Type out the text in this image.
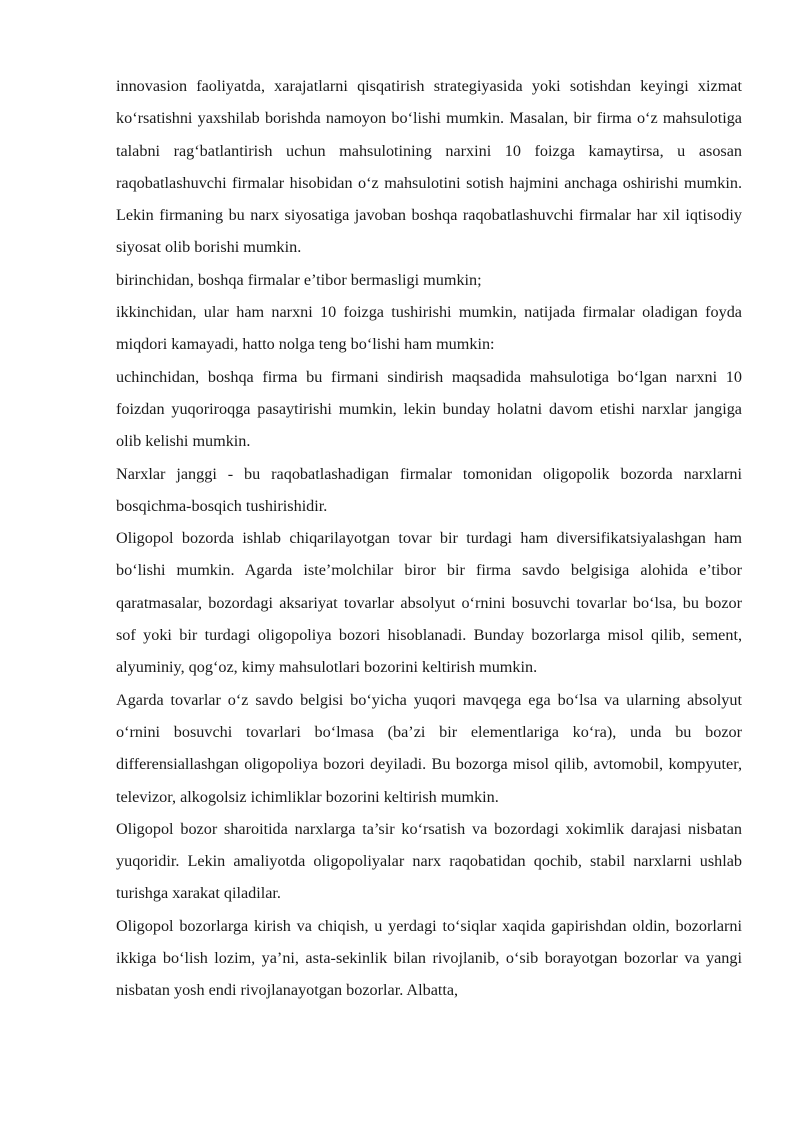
innovasion faoliyatda, xarajatlarni qisqatirish strategiyasida yoki sotishdan keyingi xizmat ko‘rsatishni yaxshilab borishda namoyon bo‘lishi mumkin. Masalan, bir firma o‘z mahsulotiga talabni rag‘batlantirish uchun mahsulotining narxini 10 foizga kamaytirsa, u asosan raqobatlashuvchi firmalar hisobidan o‘z mahsulotini sotish hajmini anchaga oshirishi mumkin. Lekin firmaning bu narx siyosatiga javoban boshqa raqobatlashuvchi firmalar har xil iqtisodiy siyosat olib borishi mumkin.

birinchidan, boshqa firmalar e’tibor bermasligi mumkin;

ikkinchidan, ular ham narxni 10 foizga tushirishi mumkin, natijada firmalar oladigan foyda miqdori kamayadi, hatto nolga teng bo‘lishi ham mumkin:

uchinchidan, boshqa firma bu firmani sindirish maqsadida mahsulotiga bo‘lgan narxni 10 foizdan yuqoriroqga pasaytirishi mumkin, lekin bunday holatni davom etishi narxlar jangiga olib kelishi mumkin.

Narxlar janggi - bu raqobatlashadigan firmalar tomonidan oligopolik bozorda narxlarni bosqichma-bosqich tushirishidir.

Oligopol bozorda ishlab chiqarilayotgan tovar bir turdagi ham diversifikatsiyalashgan ham bo‘lishi mumkin. Agarda iste’molchilar biror bir firma savdo belgisiga alohida e’tibor qaratmasalar, bozordagi aksariyat tovarlar absolyut o‘rnini bosuvchi tovarlar bo‘lsa, bu bozor sof yoki bir turdagi oligopoliya bozori hisoblanadi. Bunday bozorlarga misol qilib, sement, alyuminiy, qog‘oz, kimy mahsulotlari bozorini keltirish mumkin.

Agarda tovarlar o‘z savdo belgisi bo‘yicha yuqori mavqega ega bo‘lsa va ularning absolyut o‘rnini bosuvchi tovarlari bo‘lmasa (ba’zi bir elementlariga ko‘ra), unda bu bozor differensiallashgan oligopoliya bozori deyiladi. Bu bozorga misol qilib, avtomobil, kompyuter, televizor, alkogolsiz ichimliklar bozorini keltirish mumkin.

Oligopol bozor sharoitida narxlarga ta’sir ko‘rsatish va bozordagi xokimlik darajasi nisbatan yuqoridir. Lekin amaliyotda oligopoliyalar narx raqobatidan qochib, stabil narxlarni ushlab turishga xarakat qiladilar.

Oligopol bozorlarga kirish va chiqish, u yerdagi to‘siqlar xaqida gapirishdan oldin, bozorlarni ikkiga bo‘lish lozim, ya’ni, asta-sekinlik bilan rivojlanib, o‘sib borayotgan bozorlar va yangi nisbatan yosh endi rivojlanayotgan bozorlar. Albatta,
